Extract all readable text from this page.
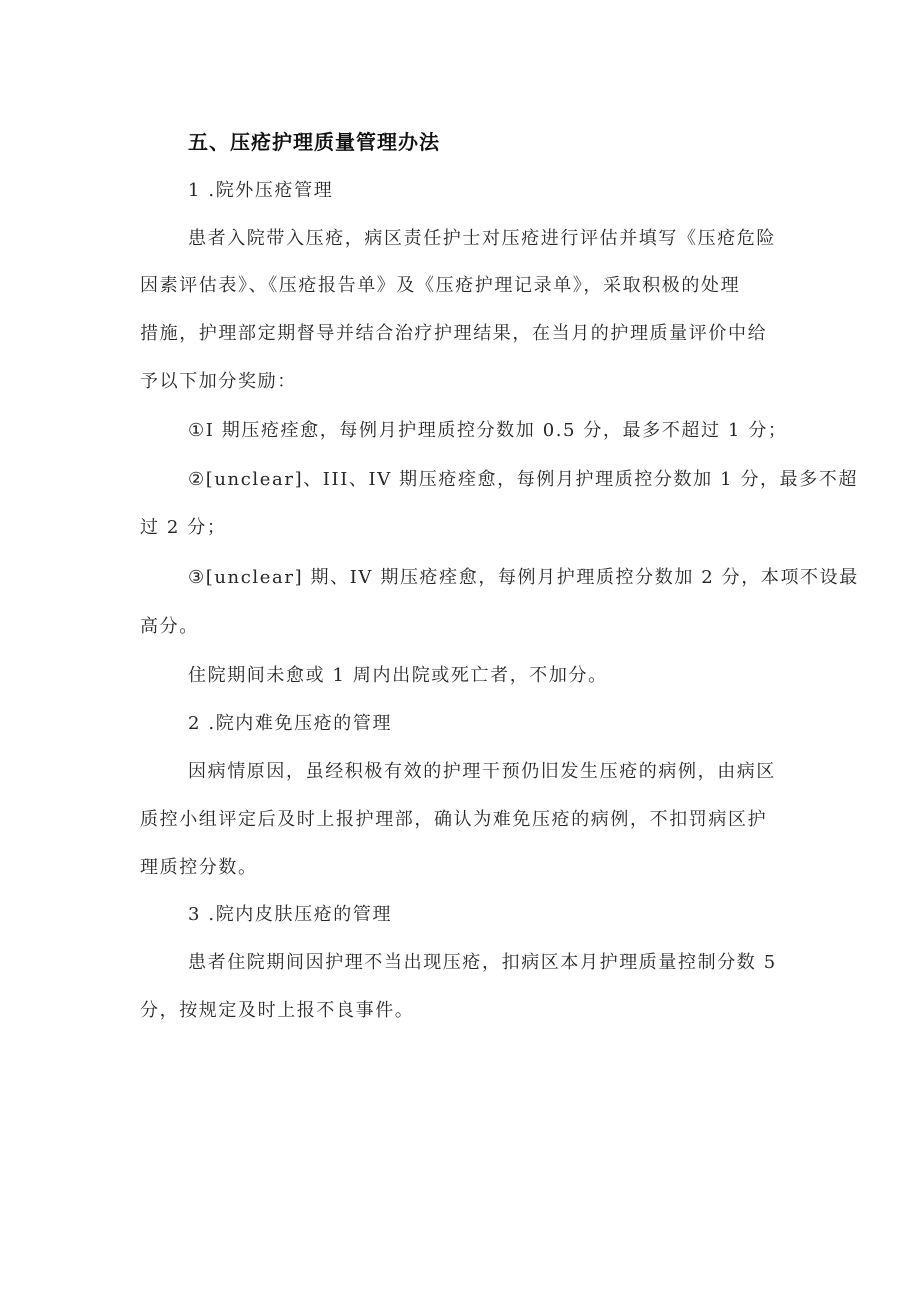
五、压疮护理质量管理办法

1 .院外压疮管理

患者入院带入压疮，病区责任护士对压疮进行评估并填写《压疮危险

因素评估表》、《压疮报告单》及《压疮护理记录单》，采取积极的处理

措施，护理部定期督导并结合治疗护理结果，在当月的护理质量评价中给

予以下加分奖励：

①I 期压疮痊愈，每例月护理质控分数加 0.5 分，最多不超过 1 分；

②[unclear]、III、IV 期压疮痊愈，每例月护理质控分数加 1 分，最多不超

过 2 分；

③[unclear] 期、IV 期压疮痊愈，每例月护理质控分数加 2 分，本项不设最

高分。

住院期间未愈或 1 周内出院或死亡者，不加分。

2 .院内难免压疮的管理

因病情原因，虽经积极有效的护理干预仍旧发生压疮的病例，由病区

质控小组评定后及时上报护理部，确认为难免压疮的病例，不扣罚病区护

理质控分数。

3 .院内皮肤压疮的管理

患者住院期间因护理不当出现压疮，扣病区本月护理质量控制分数 5

分，按规定及时上报不良事件。
